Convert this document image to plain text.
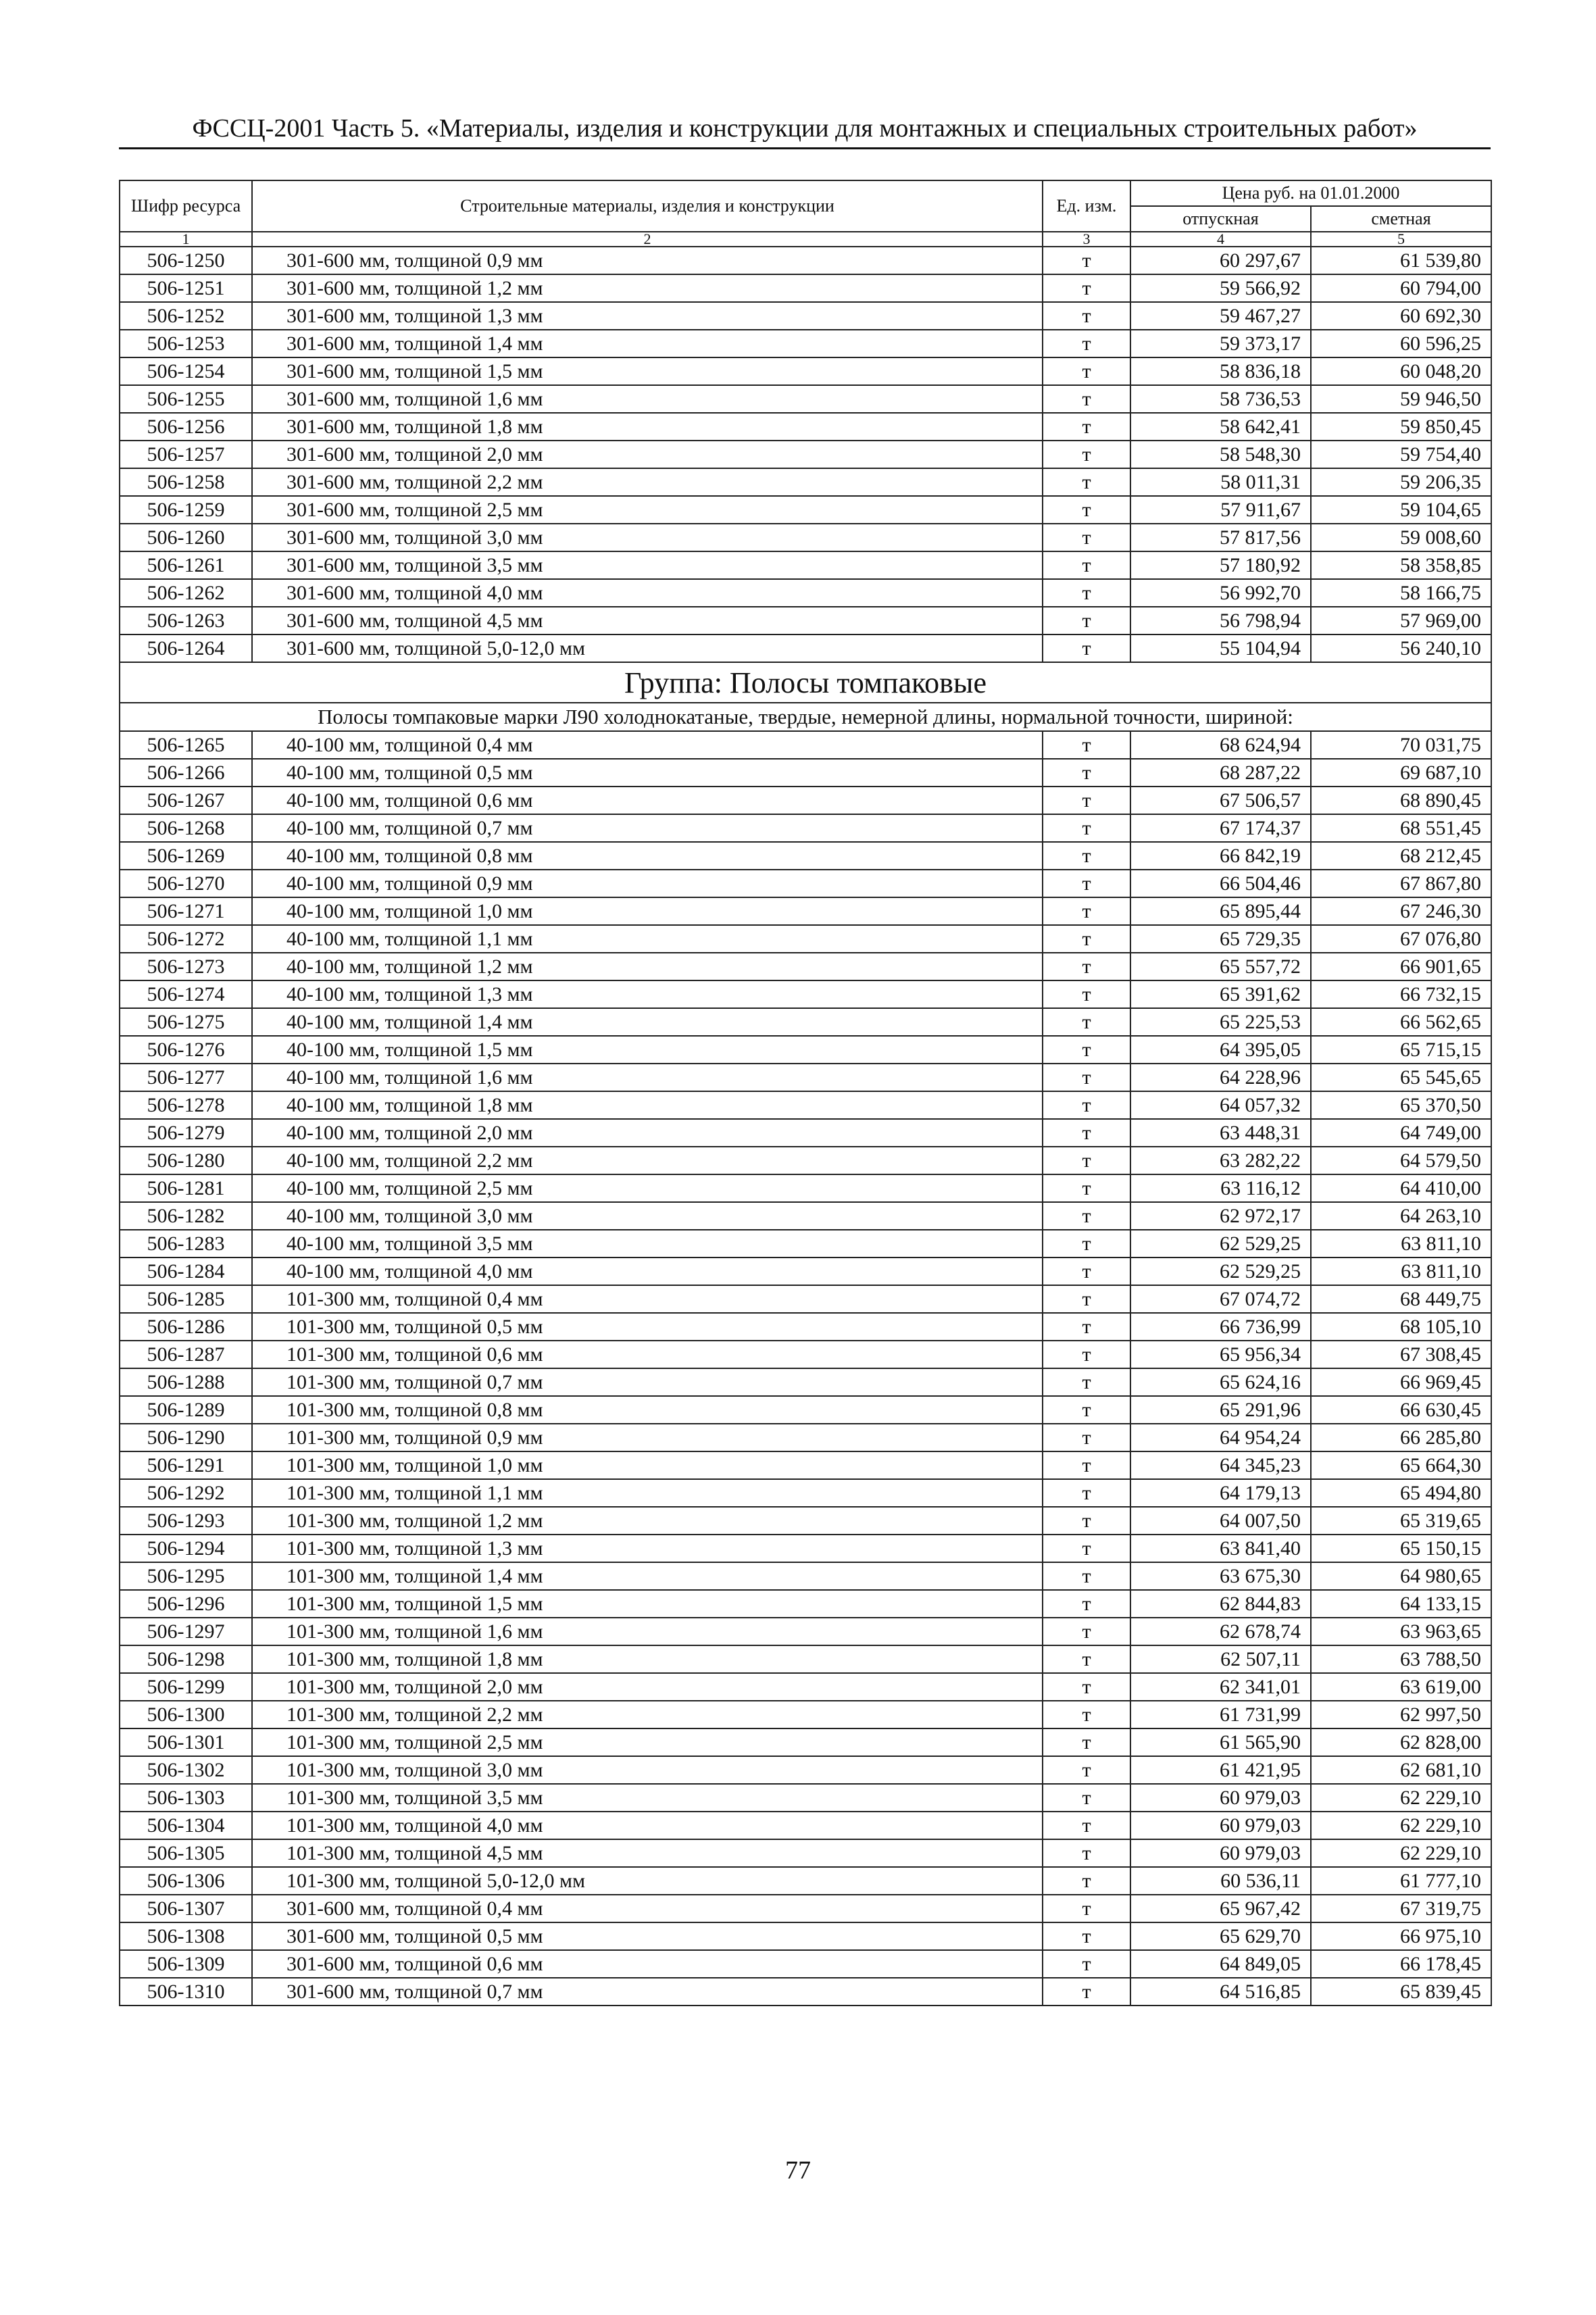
ФССЦ-2001 Часть 5. «Материалы, изделия и конструкции для монтажных и специальных строительных работ»
Шифр ресурса	Строительные материалы, изделия и конструкции	Ед. изм.	Цена руб. на 01.01.2000	
			отпускная	сметная
1	2	3	4	5
506-1250	301-600 мм, толщиной 0,9 мм	т	60 297,67	61 539,80
506-1251	301-600 мм, толщиной 1,2 мм	т	59 566,92	60 794,00
506-1252	301-600 мм, толщиной 1,3 мм	т	59 467,27	60 692,30
506-1253	301-600 мм, толщиной 1,4 мм	т	59 373,17	60 596,25
506-1254	301-600 мм, толщиной 1,5 мм	т	58 836,18	60 048,20
506-1255	301-600 мм, толщиной 1,6 мм	т	58 736,53	59 946,50
506-1256	301-600 мм, толщиной 1,8 мм	т	58 642,41	59 850,45
506-1257	301-600 мм, толщиной 2,0 мм	т	58 548,30	59 754,40
506-1258	301-600 мм, толщиной 2,2 мм	т	58 011,31	59 206,35
506-1259	301-600 мм, толщиной 2,5 мм	т	57 911,67	59 104,65
506-1260	301-600 мм, толщиной 3,0 мм	т	57 817,56	59 008,60
506-1261	301-600 мм, толщиной 3,5 мм	т	57 180,92	58 358,85
506-1262	301-600 мм, толщиной 4,0 мм	т	56 992,70	58 166,75
506-1263	301-600 мм, толщиной 4,5 мм	т	56 798,94	57 969,00
506-1264	301-600 мм, толщиной 5,0-12,0 мм	т	55 104,94	56 240,10
Группа: Полосы томпаковые				
Полосы томпаковые марки Л90 холоднокатаные, твердые, немерной длины, нормальной точности, шириной:				
506-1265	40-100 мм, толщиной 0,4 мм	т	68 624,94	70 031,75
506-1266	40-100 мм, толщиной 0,5 мм	т	68 287,22	69 687,10
506-1267	40-100 мм, толщиной 0,6 мм	т	67 506,57	68 890,45
506-1268	40-100 мм, толщиной 0,7 мм	т	67 174,37	68 551,45
506-1269	40-100 мм, толщиной 0,8 мм	т	66 842,19	68 212,45
506-1270	40-100 мм, толщиной 0,9 мм	т	66 504,46	67 867,80
506-1271	40-100 мм, толщиной 1,0 мм	т	65 895,44	67 246,30
506-1272	40-100 мм, толщиной 1,1 мм	т	65 729,35	67 076,80
506-1273	40-100 мм, толщиной 1,2 мм	т	65 557,72	66 901,65
506-1274	40-100 мм, толщиной 1,3 мм	т	65 391,62	66 732,15
506-1275	40-100 мм, толщиной 1,4 мм	т	65 225,53	66 562,65
506-1276	40-100 мм, толщиной 1,5 мм	т	64 395,05	65 715,15
506-1277	40-100 мм, толщиной 1,6 мм	т	64 228,96	65 545,65
506-1278	40-100 мм, толщиной 1,8 мм	т	64 057,32	65 370,50
506-1279	40-100 мм, толщиной 2,0 мм	т	63 448,31	64 749,00
506-1280	40-100 мм, толщиной 2,2 мм	т	63 282,22	64 579,50
506-1281	40-100 мм, толщиной 2,5 мм	т	63 116,12	64 410,00
506-1282	40-100 мм, толщиной 3,0 мм	т	62 972,17	64 263,10
506-1283	40-100 мм, толщиной 3,5 мм	т	62 529,25	63 811,10
506-1284	40-100 мм, толщиной 4,0 мм	т	62 529,25	63 811,10
506-1285	101-300 мм, толщиной 0,4 мм	т	67 074,72	68 449,75
506-1286	101-300 мм, толщиной 0,5 мм	т	66 736,99	68 105,10
506-1287	101-300 мм, толщиной 0,6 мм	т	65 956,34	67 308,45
506-1288	101-300 мм, толщиной 0,7 мм	т	65 624,16	66 969,45
506-1289	101-300 мм, толщиной 0,8 мм	т	65 291,96	66 630,45
506-1290	101-300 мм, толщиной 0,9 мм	т	64 954,24	66 285,80
506-1291	101-300 мм, толщиной 1,0 мм	т	64 345,23	65 664,30
506-1292	101-300 мм, толщиной 1,1 мм	т	64 179,13	65 494,80
506-1293	101-300 мм, толщиной 1,2 мм	т	64 007,50	65 319,65
506-1294	101-300 мм, толщиной 1,3 мм	т	63 841,40	65 150,15
506-1295	101-300 мм, толщиной 1,4 мм	т	63 675,30	64 980,65
506-1296	101-300 мм, толщиной 1,5 мм	т	62 844,83	64 133,15
506-1297	101-300 мм, толщиной 1,6 мм	т	62 678,74	63 963,65
506-1298	101-300 мм, толщиной 1,8 мм	т	62 507,11	63 788,50
506-1299	101-300 мм, толщиной 2,0 мм	т	62 341,01	63 619,00
506-1300	101-300 мм, толщиной 2,2 мм	т	61 731,99	62 997,50
506-1301	101-300 мм, толщиной 2,5 мм	т	61 565,90	62 828,00
506-1302	101-300 мм, толщиной 3,0 мм	т	61 421,95	62 681,10
506-1303	101-300 мм, толщиной 3,5 мм	т	60 979,03	62 229,10
506-1304	101-300 мм, толщиной 4,0 мм	т	60 979,03	62 229,10
506-1305	101-300 мм, толщиной 4,5 мм	т	60 979,03	62 229,10
506-1306	101-300 мм, толщиной 5,0-12,0 мм	т	60 536,11	61 777,10
506-1307	301-600 мм, толщиной 0,4 мм	т	65 967,42	67 319,75
506-1308	301-600 мм, толщиной 0,5 мм	т	65 629,70	66 975,10
506-1309	301-600 мм, толщиной 0,6 мм	т	64 849,05	66 178,45
506-1310	301-600 мм, толщиной 0,7 мм	т	64 516,85	65 839,45
77
